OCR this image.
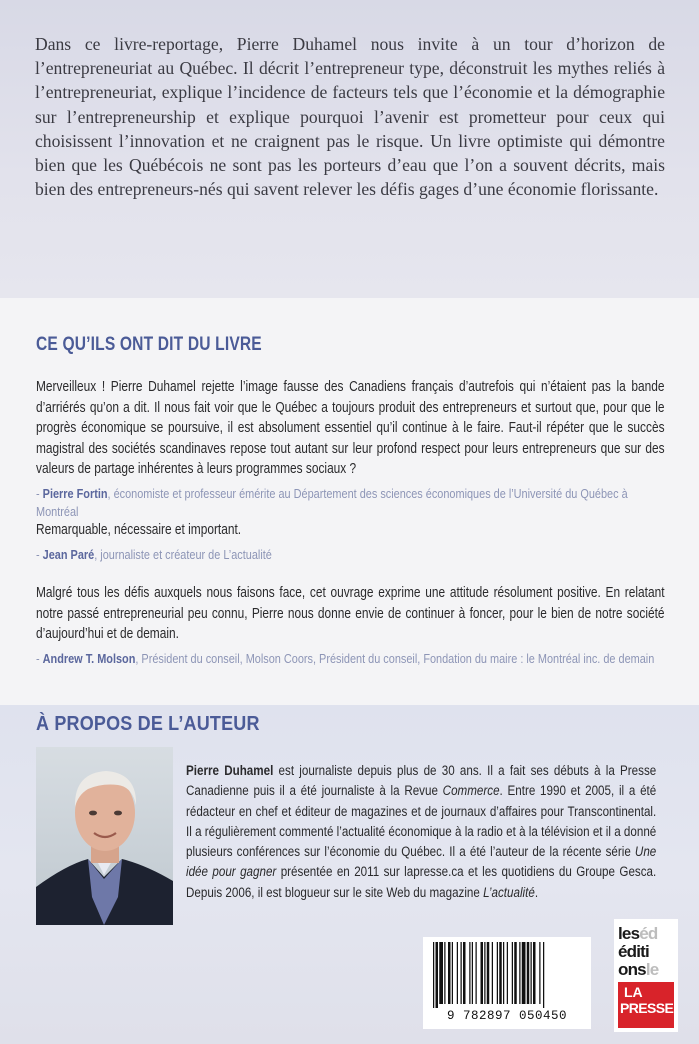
Dans ce livre-reportage, Pierre Duhamel nous invite à un tour d’horizon de l’entrepreneuriat au Québec. Il décrit l’entrepreneur type, déconstruit les mythes reliés à l’entrepreneuriat, explique l’incidence de facteurs tels que l’économie et la démographie sur l’entrepreneurship et explique pourquoi l’avenir est prometteur pour ceux qui choisissent l’innovation et ne craignent pas le risque. Un livre optimiste qui démontre bien que les Québécois ne sont pas les porteurs d’eau que l’on a souvent décrits, mais bien des entrepreneurs-nés qui savent relever les défis gages d’une économie florissante.

CE QU’ILS ONT DIT DU LIVRE

Merveilleux ! Pierre Duhamel rejette l’image fausse des Canadiens français d’autrefois qui n’étaient pas la bande d’arriérés qu’on a dit. Il nous fait voir que le Québec a toujours produit des entrepreneurs et surtout que, pour que le progrès économique se poursuive, il est absolument essentiel qu’il continue à le faire. Faut-il répéter que le succès magistral des sociétés scandinaves repose tout autant sur leur profond respect pour leurs entrepreneurs que sur des valeurs de partage inhérentes à leurs programmes sociaux ?

- Pierre Fortin, économiste et professeur émérite au Département des sciences économiques de l’Université du Québec à Montréal

Remarquable, nécessaire et important.

- Jean Paré, journaliste et créateur de L’actualité

Malgré tous les défis auxquels nous faisons face, cet ouvrage exprime une attitude résolument positive. En relatant notre passé entrepreneurial peu connu, Pierre nous donne envie de continuer à foncer, pour le bien de notre société d’aujourd’hui et de demain.

- Andrew T. Molson, Président du conseil, Molson Coors, Président du conseil, Fondation du maire : le Montréal inc. de demain
À PROPOS DE L’AUTEUR

Pierre Duhamel est journaliste depuis plus de 30 ans. Il a fait ses débuts à la Presse Canadienne puis il a été journaliste à la Revue Commerce. Entre 1990 et 2005, il a été rédacteur en chef et éditeur de magazines et de journaux d’affaires pour Transcontinental. Il a régulièrement commenté l’actualité économique à la radio et à la télévision et il a donné plusieurs conférences sur l’économie du Québec. Il a été l’auteur de la récente série Une idée pour gagner présentée en 2011 sur lapresse.ca et les quotidiens du Groupe Gesca. Depuis 2006, il est blogueur sur le site Web du magazine L’actualité.

9 782897 050450
leséd
éditi
onsle
LA
PRESSE
